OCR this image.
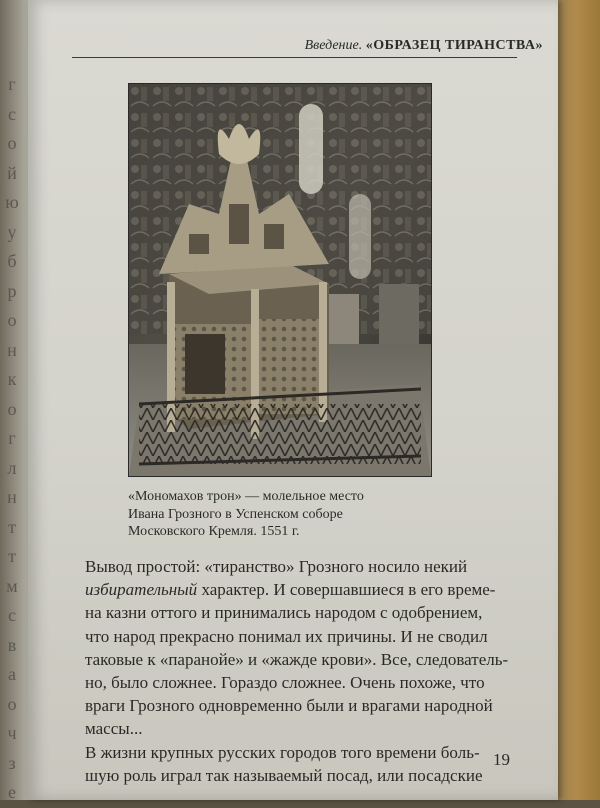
г
с
о
й
ю
у
б
р
о
н
к
о
г
л
н
т
т
м
с
в
а
о
ч
з
е
Введение. «ОБРАЗЕЦ ТИРАНСТВА»
«Мономахов трон» — молельное место
Ивана Грозного в Успенском соборе
Московского Кремля. 1551 г.
Вывод простой: «тиранство» Грозного носило некий
избирательный характер. И совершавшиеся в его време-
на казни оттого и принимались народом с одобрением,
что народ прекрасно понимал их причины. И не сводил
таковые к «паранойе» и «жажде крови». Все, следователь-
но, было сложнее. Гораздо сложнее. Очень похоже, что
враги Грозного одновременно были и врагами народной
массы...
В жизни крупных русских городов того времени боль-
шую роль играл так называемый посад, или посадские
19
